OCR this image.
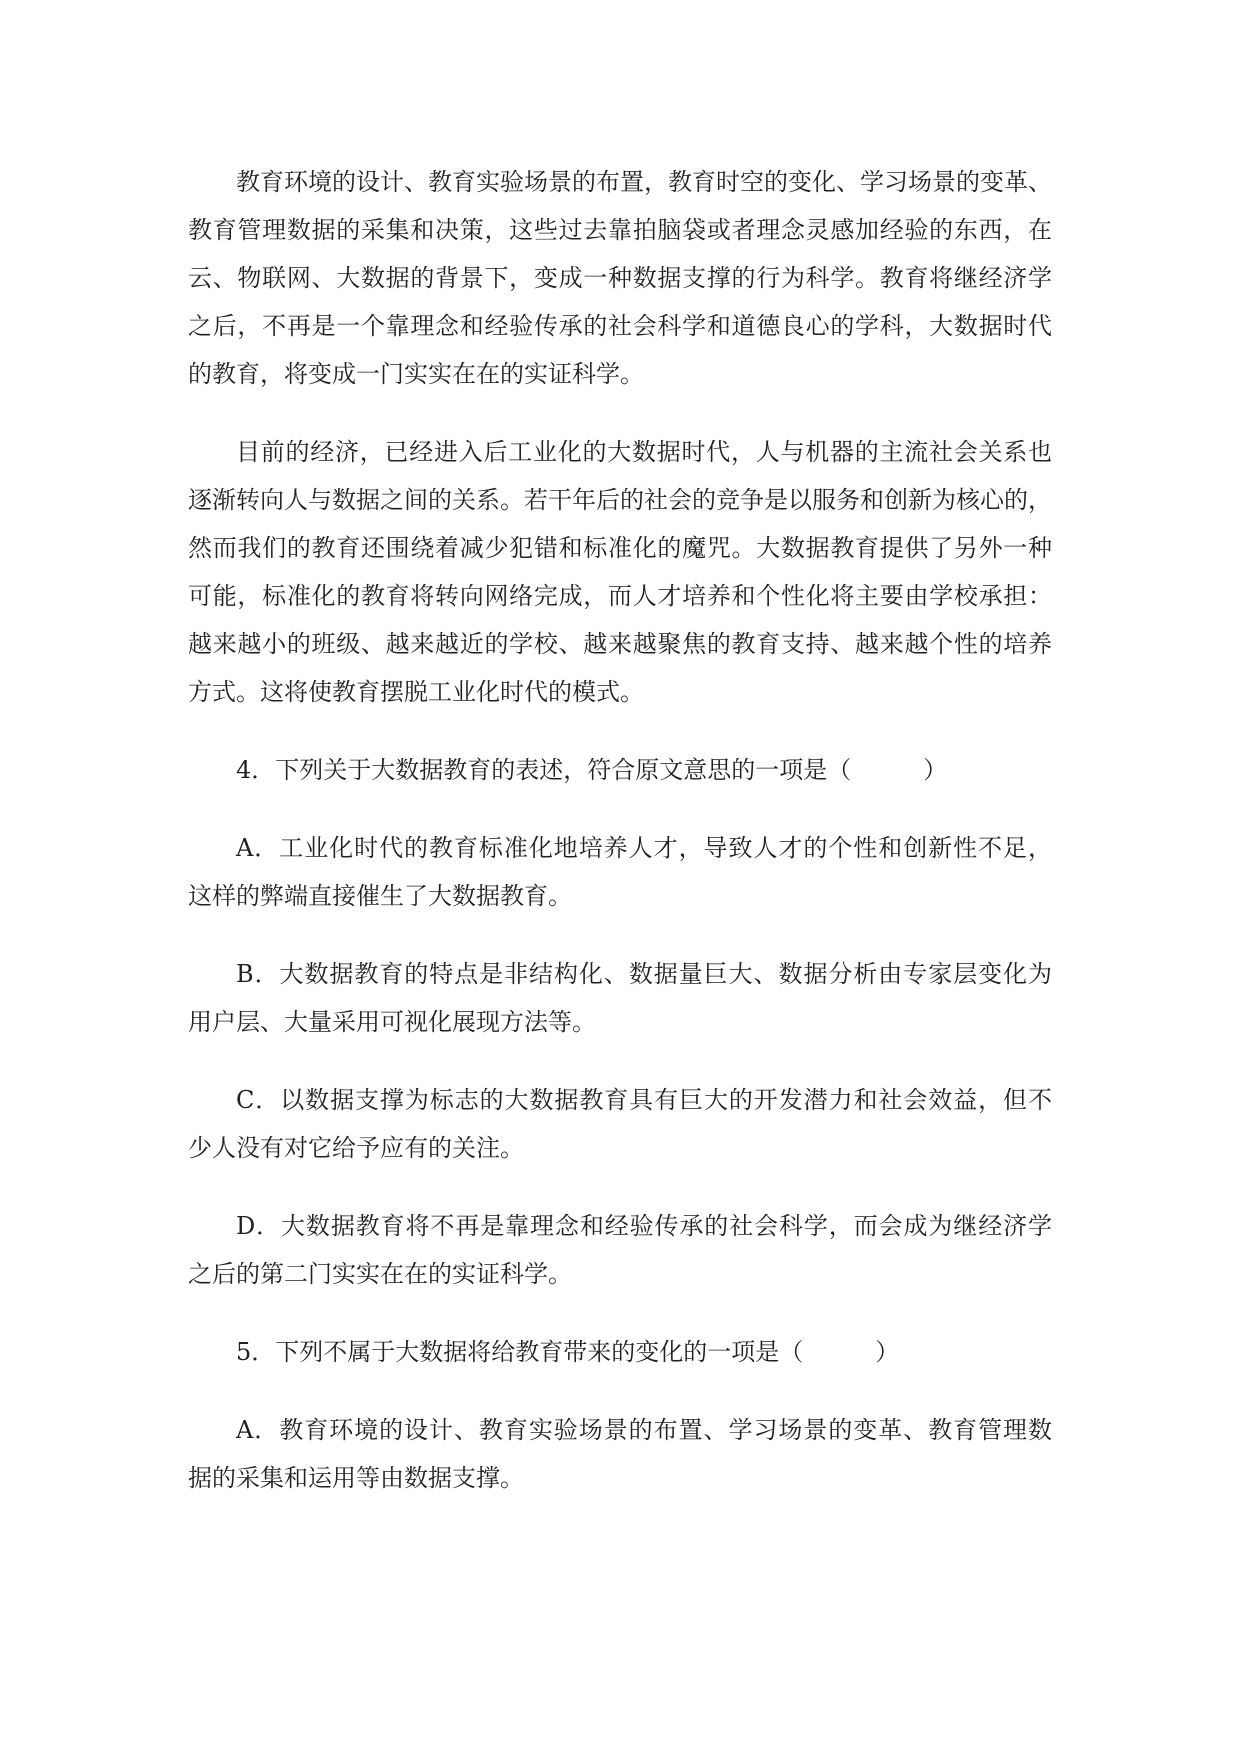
教育环境的设计、教育实验场景的布置，教育时空的变化、学习场景的变革、
教育管理数据的采集和决策，这些过去靠拍脑袋或者理念灵感加经验的东西，在
云、物联网、大数据的背景下，变成一种数据支撑的行为科学。教育将继经济学
之后，不再是一个靠理念和经验传承的社会科学和道德良心的学科，大数据时代
的教育，将变成一门实实在在的实证科学。

目前的经济，已经进入后工业化的大数据时代，人与机器的主流社会关系也
逐渐转向人与数据之间的关系。若干年后的社会的竞争是以服务和创新为核心的，
然而我们的教育还围绕着减少犯错和标准化的魔咒。大数据教育提供了另外一种
可能，标准化的教育将转向网络完成，而人才培养和个性化将主要由学校承担：
越来越小的班级、越来越近的学校、越来越聚焦的教育支持、越来越个性的培养
方式。这将使教育摆脱工业化时代的模式。

4．下列关于大数据教育的表述，符合原文意思的一项是（　　　）

A．工业化时代的教育标准化地培养人才，导致人才的个性和创新性不足，
这样的弊端直接催生了大数据教育。

B．大数据教育的特点是非结构化、数据量巨大、数据分析由专家层变化为
用户层、大量采用可视化展现方法等。

C．以数据支撑为标志的大数据教育具有巨大的开发潜力和社会效益，但不
少人没有对它给予应有的关注。

D．大数据教育将不再是靠理念和经验传承的社会科学，而会成为继经济学
之后的第二门实实在在的实证科学。

5．下列不属于大数据将给教育带来的变化的一项是（　　　）

A．教育环境的设计、教育实验场景的布置、学习场景的变革、教育管理数
据的采集和运用等由数据支撑。
